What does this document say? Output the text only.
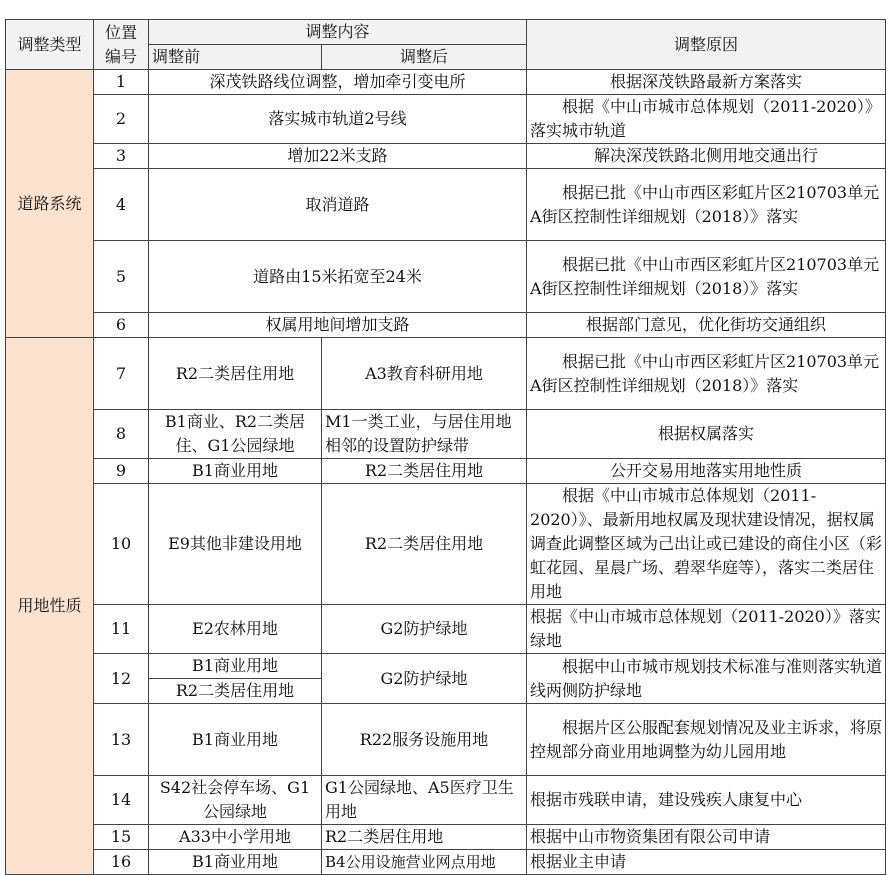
调整类型	位置
编号	调整内容		调整原因
		调整前	调整后	
道路系统	1	深茂铁路线位调整，增加牵引变电所		根据深茂铁路最新方案落实
	2	落实城市轨道2号线		根据《中山市城市总体规划（2011-2020）》 落实城市轨道
	3	增加22米支路		解决深茂铁路北侧用地交通出行
	4	取消道路		根据已批《中山市西区彩虹片区210703单元A街区控制性详细规划（2018）》落实
	5	道路由15米拓宽至24米		根据已批《中山市西区彩虹片区210703单元A街区控制性详细规划（2018）》落实
	6	权属用地间增加支路		根据部门意见，优化街坊交通组织
用地性质	7	R2二类居住用地	A3教育科研用地	根据已批《中山市西区彩虹片区210703单元A街区控制性详细规划（2018）》落实
	8	B1商业、R2二类居住、G1公园绿地	M1一类工业，与居住用地相邻的设置防护绿带	根据权属落实
	9	B1商业用地	R2二类居住用地	公开交易用地落实用地性质
	10	E9其他非建设用地	R2二类居住用地	根据《中山市城市总体规划（2011-2020）》、最新用地权属及现状建设情况，据权属调查此调整区域为己出让或已建设的商住小区（彩虹花园、星晨广场、碧翠华庭等），落实二类居住用地
	11	E2农林用地	G2防护绿地	根据《中山市城市总体规划（2011-2020）》落实绿地
	12	B1商业用地	G2防护绿地	根据中山市城市规划技术标准与准则落实轨道线两侧防护绿地
		R2二类居住用地		
	13	B1商业用地	R22服务设施用地	根据片区公服配套规划情况及业主诉求，将原控规部分商业用地调整为幼儿园用地
	14	S42社会停车场、G1公园绿地	G1公园绿地、A5医疗卫生用地	根据市残联申请，建设残疾人康复中心
	15	A33中小学用地	R2二类居住用地	根据中山市物资集团有限公司申请
	16	B1商业用地	B4公用设施营业网点用地	根据业主申请
